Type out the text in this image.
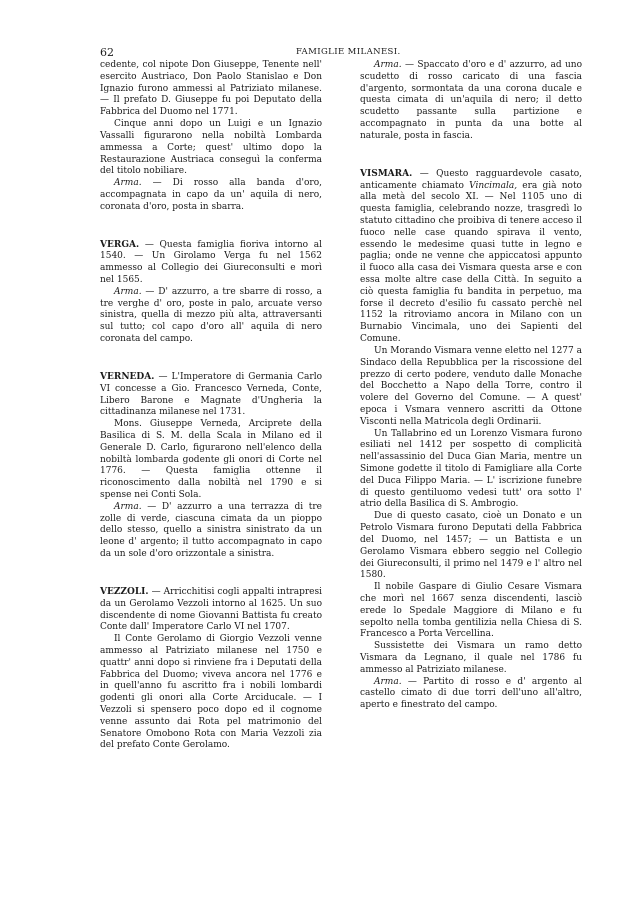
62	FAMIGLIE MILANESI.

cedente, col nipote Don Giuseppe, Tenente nell' esercito Austriaco, Don Paolo Stanislao e Don Ignazio furono ammessi al Patriziato milanese. — Il prefato D. Giuseppe fu poi Deputato della Fabbrica del Duomo nel 1771.

Cinque anni dopo un Luigi e un Ignazio Vassalli figurarono nella nobiltà Lombarda ammessa a Corte; quest' ultimo dopo la Restaurazione Austriaca conseguì la conferma del titolo nobiliare.

Arma. — Di rosso alla banda d'oro, accompagnata in capo da un' aquila di nero, coronata d'oro, posta in sbarra.

VERGA. — Questa famiglia fioriva intorno al 1540. — Un Girolamo Verga fu nel 1562 ammesso al Collegio dei Giureconsulti e morì nel 1565.

Arma. — D' azzurro, a tre sbarre di rosso, a tre verghe d' oro, poste in palo, arcuate verso sinistra, quella di mezzo più alta, attraversanti sul tutto; col capo d'oro all' aquila di nero coronata del campo.

VERNEDA. — L'Imperatore di Germania Carlo VI concesse a Gio. Francesco Verneda, Conte, Libero Barone e Magnate d'Ungheria la cittadinanza milanese nel 1731.

Mons. Giuseppe Verneda, Arciprete della Basilica di S. M. della Scala in Milano ed il Generale D. Carlo, figurarono nell'elenco della nobiltà lombarda godente gli onori di Corte nel 1776. — Questa famiglia ottenne il riconoscimento dalla nobiltà nel 1790 e si spense nei Conti Sola.

Arma. — D' azzurro a una terrazza di tre zolle di verde, ciascuna cimata da un pioppo dello stesso, quello a sinistra sinistrato da un leone d' argento; il tutto accompagnato in capo da un sole d'oro orizzontale a sinistra.

VEZZOLI. — Arricchitisi cogli appalti intrapresi da un Gerolamo Vezzoli intorno al 1625. Un suo discendente di nome Giovanni Battista fu creato Conte dall' Imperatore Carlo VI nel 1707.

Il Conte Gerolamo di Giorgio Vezzoli venne ammesso al Patriziato milanese nel 1750 e quattr' anni dopo si rinviene fra i Deputati della Fabbrica del Duomo; viveva ancora nel 1776 e in quell'anno fu ascritto fra i nobili lombardi godenti gli onori alla Corte Arciducale. — I Vezzoli si spensero poco dopo ed il cognome venne assunto dai Rota pel matrimonio del Senatore Omobono Rota con Maria Vezzoli zia del prefato Conte Gerolamo.

Arma. — Spaccato d'oro e d' azzurro, ad uno scudetto di rosso caricato di una fascia d'argento, sormontata da una corona ducale e questa cimata di un'aquila di nero; il detto scudetto passante sulla partizione e accompagnato in punta da una botte al naturale, posta in fascia.

VISMARA. — Questo ragguardevole casato, anticamente chiamato Vincimala, era già noto alla metà del secolo XI. — Nel 1105 uno di questa famiglia, celebrando nozze, trasgredì lo statuto cittadino che proibiva di tenere acceso il fuoco nelle case quando spirava il vento, essendo le medesime quasi tutte in legno e paglia; onde ne venne che appiccatosi appunto il fuoco alla casa dei Vismara questa arse e con essa molte altre case della Città. In seguito a ciò questa famiglia fu bandita in perpetuo, ma forse il decreto d'esilio fu cassato perchè nel 1152 la ritroviamo ancora in Milano con un Burnabio Vincimala, uno dei Sapienti del Comune.

Un Morando Vismara venne eletto nel 1277 a Sindaco della Repubblica per la riscossione del prezzo di certo podere, venduto dalle Monache del Bocchetto a Napo della Torre, contro il volere del Governo del Comune. — A quest' epoca i Vsmara vennero ascritti da Ottone Visconti nella Matricola degli Ordinarii.

Un Tallabrino ed un Lorenzo Vismara furono esiliati nel 1412 per sospetto di complicità nell'assassinio del Duca Gian Maria, mentre un Simone godette il titolo di Famigliare alla Corte del Duca Filippo Maria. — L' iscrizione funebre di questo gentiluomo vedesi tutt' ora sotto l' atrio della Basilica di S. Ambrogio.

Due di questo casato, cioè un Donato e un Petrolo Vismara furono Deputati della Fabbrica del Duomo, nel 1457; — un Battista e un Gerolamo Vismara ebbero seggio nel Collegio dei Giureconsulti, il primo nel 1479 e l' altro nel 1580.

Il nobile Gaspare di Giulio Cesare Vismara che morì nel 1667 senza discendenti, lasciò erede lo Spedale Maggiore di Milano e fu sepolto nella tomba gentilizia nella Chiesa di S. Francesco a Porta Vercellina.

Sussistette dei Vismara un ramo detto Vismara da Legnano, il quale nel 1786 fu ammesso al Patriziato milanese.

Arma. — Partito di rosso e d' argento al castello cimato di due torri dell'uno all'altro, aperto e finestrato del campo.
